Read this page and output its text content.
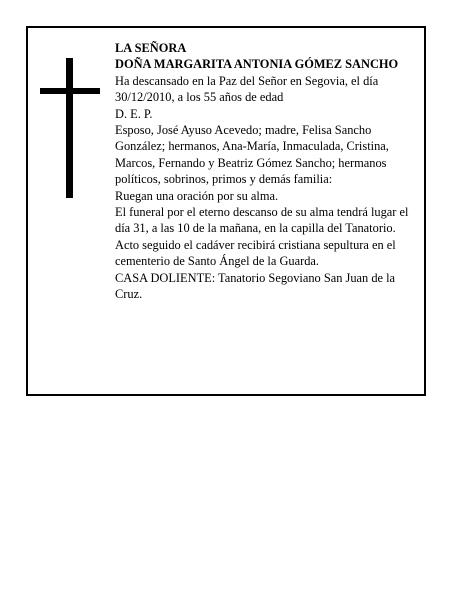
LA SEÑORA

DOÑA MARGARITA ANTONIA GÓMEZ SANCHO

Ha descansado en la Paz del Señor en Segovia, el día 30/12/2010, a los 55 años de edad

D. E. P.

Esposo, José Ayuso Acevedo; madre, Felisa Sancho González; hermanos, Ana-María, Inmaculada, Cristina, Marcos, Fernando y Beatriz Gómez Sancho; hermanos políticos, sobrinos, primos y demás familia:

Ruegan una oración por su alma.

El funeral por el eterno descanso de su alma tendrá lugar el día 31, a las 10 de la mañana, en la capilla del Tanatorio. Acto seguido el cadáver recibirá cristiana sepultura en el cementerio de Santo Ángel de la Guarda.

CASA DOLIENTE: Tanatorio Segoviano San Juan de la Cruz.
